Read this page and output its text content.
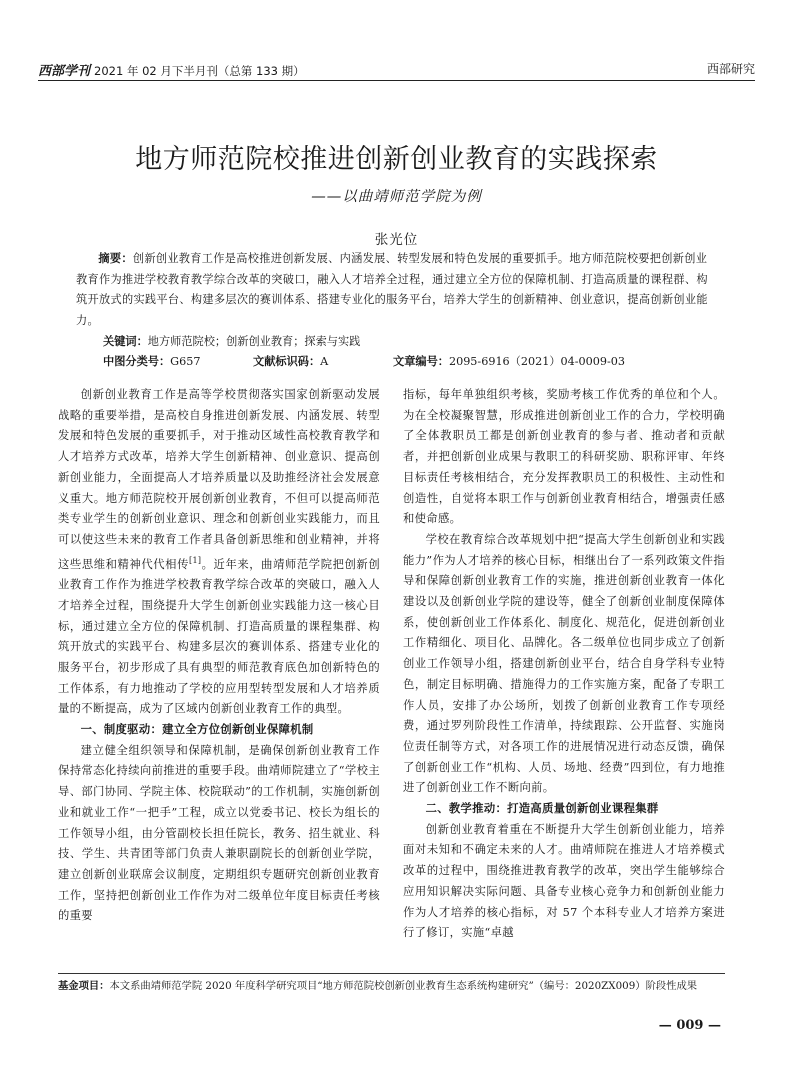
西部学刊 2021 年 02 月下半月刊（总第 133 期）	西部研究
地方师范院校推进创新创业教育的实践探索
——以曲靖师范学院为例
张光位
摘要：创新创业教育工作是高校推进创新发展、内涵发展、转型发展和特色发展的重要抓手。地方师范院校要把创新创业教育作为推进学校教育教学综合改革的突破口，融入人才培养全过程，通过建立全方位的保障机制、打造高质量的课程群、构筑开放式的实践平台、构建多层次的赛训体系、搭建专业化的服务平台，培养大学生的创新精神、创业意识，提高创新创业能力。
关键词：地方师范院校；创新创业教育；探索与实践
中图分类号：G657	文献标识码：A	文章编号：2095-6916（2021）04-0009-03

创新创业教育工作是高等学校贯彻落实国家创新驱动发展战略的重要举措，是高校自身推进创新发展、内涵发展、转型发展和特色发展的重要抓手，对于推动区域性高校教育教学和人才培养方式改革，培养大学生创新精神、创业意识、提高创新创业能力，全面提高人才培养质量以及助推经济社会发展意义重大。地方师范院校开展创新创业教育，不但可以提高师范类专业学生的创新创业意识、理念和创新创业实践能力，而且可以使这些未来的教育工作者具备创新思维和创业精神，并将这些思维和精神代代相传[1]。近年来，曲靖师范学院把创新创业教育工作作为推进学校教育教学综合改革的突破口，融入人才培养全过程，围绕提升大学生创新创业实践能力这一核心目标，通过建立全方位的保障机制、打造高质量的课程集群、构筑开放式的实践平台、构建多层次的赛训体系、搭建专业化的服务平台，初步形成了具有典型的师范教育底色加创新特色的工作体系，有力地推动了学校的应用型转型发展和人才培养质量的不断提高，成为了区域内创新创业教育工作的典型。

一、制度驱动：建立全方位创新创业保障机制

建立健全组织领导和保障机制，是确保创新创业教育工作保持常态化持续向前推进的重要手段。曲靖师院建立了“学校主导、部门协同、学院主体、校院联动”的工作机制，实施创新创业和就业工作“一把手”工程，成立以党委书记、校长为组长的工作领导小组，由分管副校长担任院长，教务、招生就业、科技、学生、共青团等部门负责人兼职副院长的创新创业学院，建立创新创业联席会议制度，定期组织专题研究创新创业教育工作，坚持把创新创业工作作为对二级单位年度目标责任考核的重要

指标，每年单独组织考核，奖励考核工作优秀的单位和个人。为在全校凝聚智慧，形成推进创新创业工作的合力，学校明确了全体教职员工都是创新创业教育的参与者、推动者和贡献者，并把创新创业成果与教职工的科研奖励、职称评审、年终目标责任考核相结合，充分发挥教职员工的积极性、主动性和创造性，自觉将本职工作与创新创业教育相结合，增强责任感和使命感。

学校在教育综合改革规划中把“提高大学生创新创业和实践能力”作为人才培养的核心目标，相继出台了一系列政策文件指导和保障创新创业教育工作的实施，推进创新创业教育一体化建设以及创新创业学院的建设等，健全了创新创业制度保障体系，使创新创业工作体系化、制度化、规范化，促进创新创业工作精细化、项目化、品牌化。各二级单位也同步成立了创新创业工作领导小组，搭建创新创业平台，结合自身学科专业特色，制定目标明确、措施得力的工作实施方案，配备了专职工作人员，安排了办公场所，划拨了创新创业教育工作专项经费，通过罗列阶段性工作清单，持续跟踪、公开监督、实施岗位责任制等方式，对各项工作的进展情况进行动态反馈，确保了创新创业工作“机构、人员、场地、经费”四到位，有力地推进了创新创业工作不断向前。

二、教学推动：打造高质量创新创业课程集群

创新创业教育着重在不断提升大学生创新创业能力，培养面对未知和不确定未来的人才。曲靖师院在推进人才培养模式改革的过程中，围绕推进教育教学的改革，突出学生能够综合应用知识解决实际问题、具备专业核心竞争力和创新创业能力作为人才培养的核心指标，对 57 个本科专业人才培养方案进行了修订，实施“卓越

基金项目：本文系曲靖师范学院 2020 年度科学研究项目“地方师范院校创新创业教育生态系统构建研究”（编号：2020ZX009）阶段性成果
— 009 —
